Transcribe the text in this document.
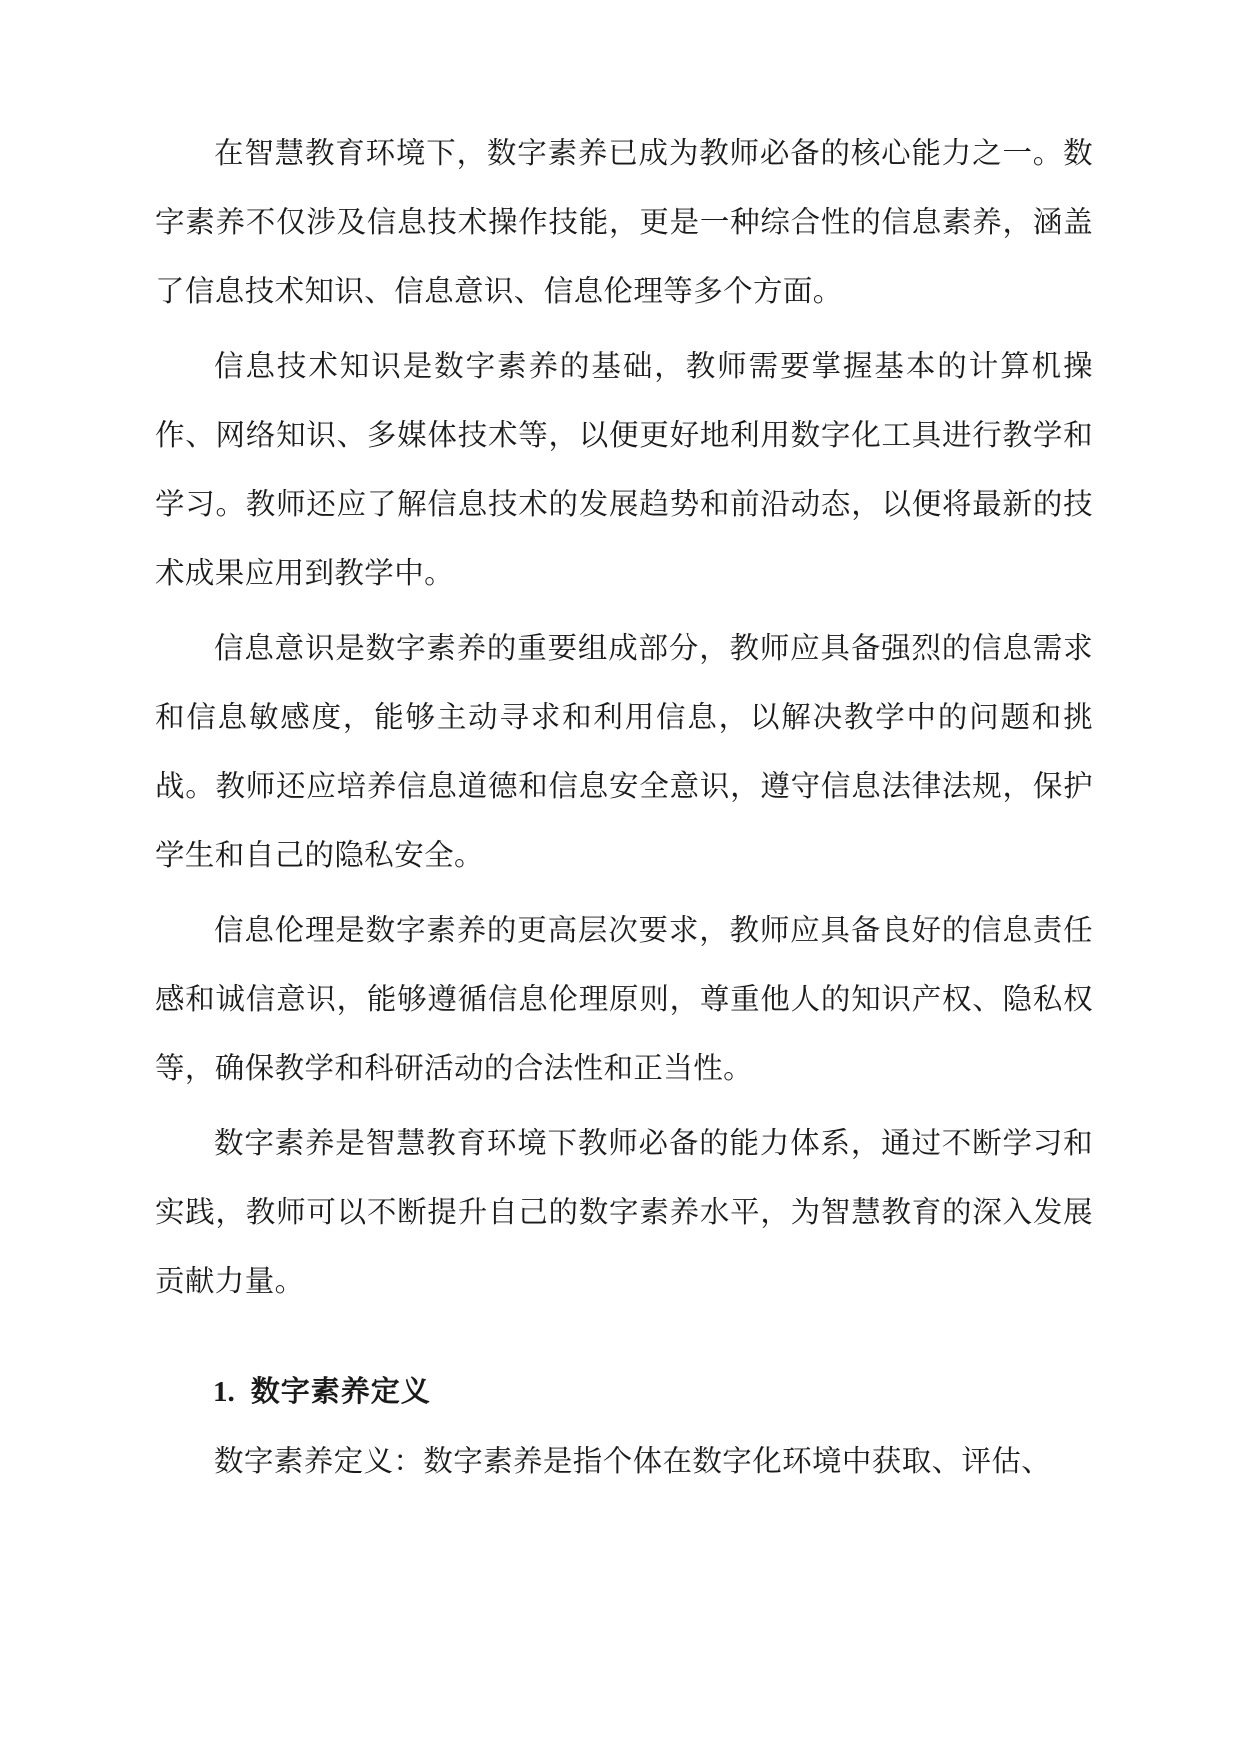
在智慧教育环境下，数字素养已成为教师必备的核心能力之一。数字素养不仅涉及信息技术操作技能，更是一种综合性的信息素养，涵盖了信息技术知识、信息意识、信息伦理等多个方面。

信息技术知识是数字素养的基础，教师需要掌握基本的计算机操作、网络知识、多媒体技术等，以便更好地利用数字化工具进行教学和学习。教师还应了解信息技术的发展趋势和前沿动态，以便将最新的技术成果应用到教学中。

信息意识是数字素养的重要组成部分，教师应具备强烈的信息需求和信息敏感度，能够主动寻求和利用信息，以解决教学中的问题和挑战。教师还应培养信息道德和信息安全意识，遵守信息法律法规，保护学生和自己的隐私安全。

信息伦理是数字素养的更高层次要求，教师应具备良好的信息责任感和诚信意识，能够遵循信息伦理原则，尊重他人的知识产权、隐私权等，确保教学和科研活动的合法性和正当性。

数字素养是智慧教育环境下教师必备的能力体系，通过不断学习和实践，教师可以不断提升自己的数字素养水平，为智慧教育的深入发展贡献力量。

1. 数字素养定义

数字素养定义：数字素养是指个体在数字化环境中获取、评估、
